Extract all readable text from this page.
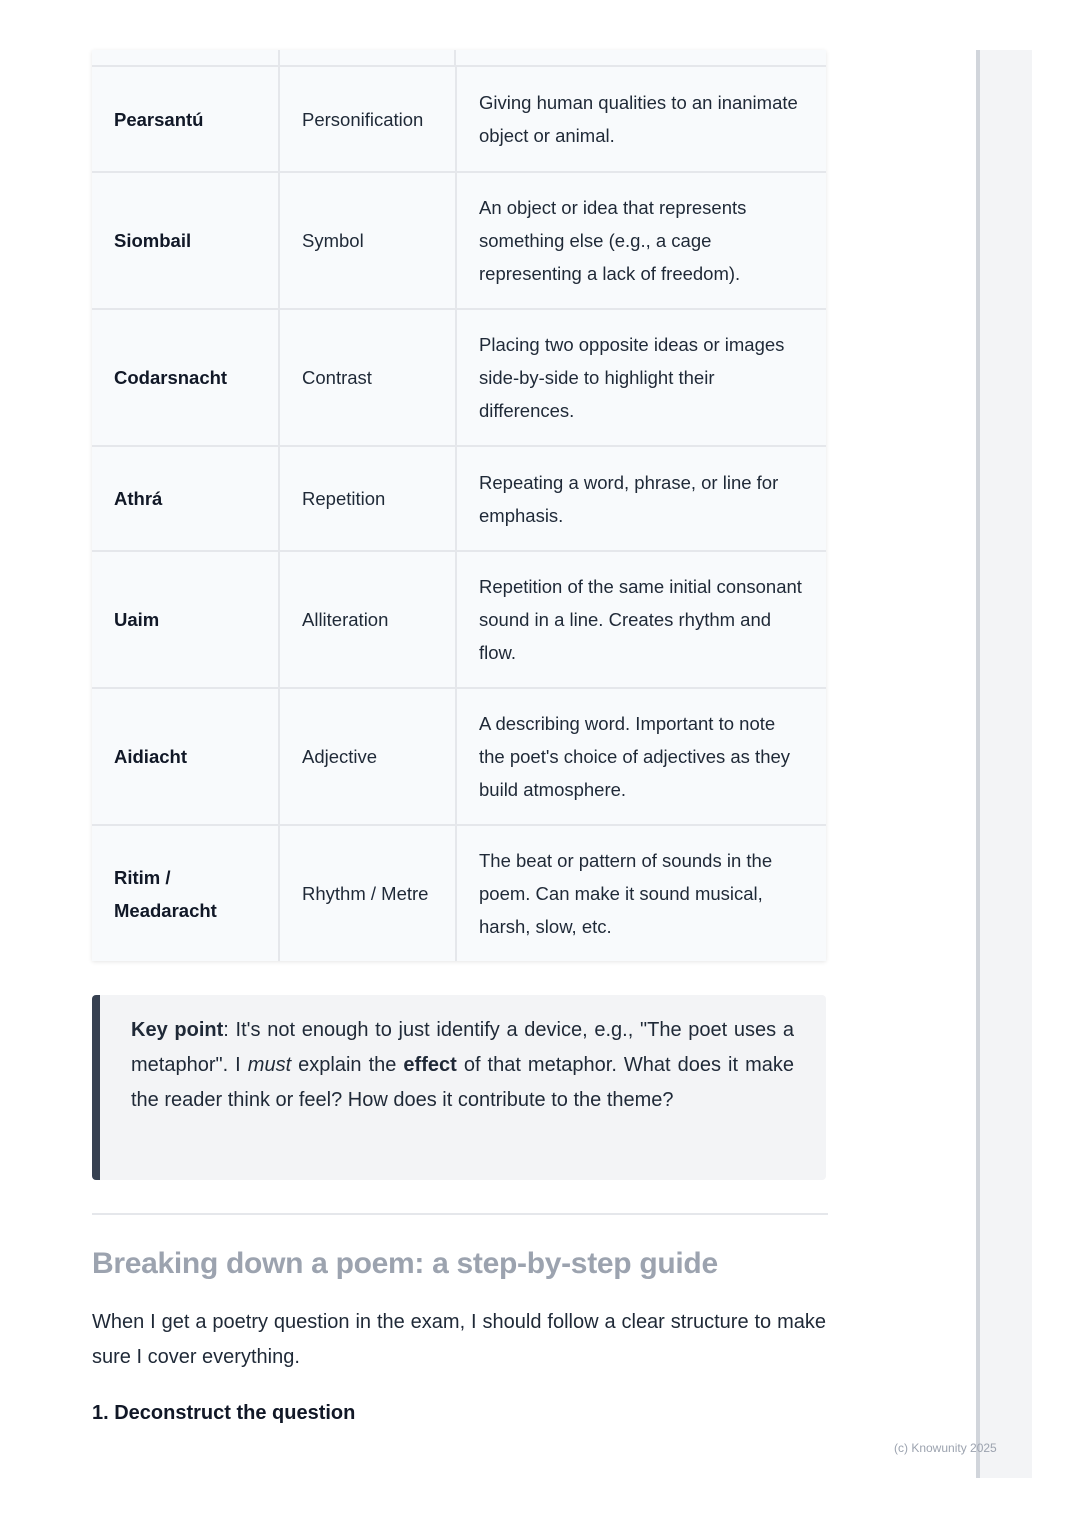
Pearsantú	Personification	Giving human qualities to an inanimate object or animal.
Siombail	Symbol	An object or idea that represents something else (e.g., a cage representing a lack of freedom).
Codarsnacht	Contrast	Placing two opposite ideas or images side-by-side to highlight their differences.
Athrá	Repetition	Repeating a word, phrase, or line for emphasis.
Uaim	Alliteration	Repetition of the same initial consonant sound in a line. Creates rhythm and flow.
Aidiacht	Adjective	A describing word. Important to note the poet's choice of adjectives as they build atmosphere.
Ritim / Meadaracht	Rhythm / Metre	The beat or pattern of sounds in the poem. Can make it sound musical, harsh, slow, etc.
Key point: It's not enough to just identify a device, e.g., "The poet uses a metaphor". I must explain the effect of that metaphor. What does it make the reader think or feel? How does it contribute to the theme?
Breaking down a poem: a step-by-step guide
When I get a poetry question in the exam, I should follow a clear structure to make sure I cover everything.
1. Deconstruct the question
(c) Knowunity 2025
